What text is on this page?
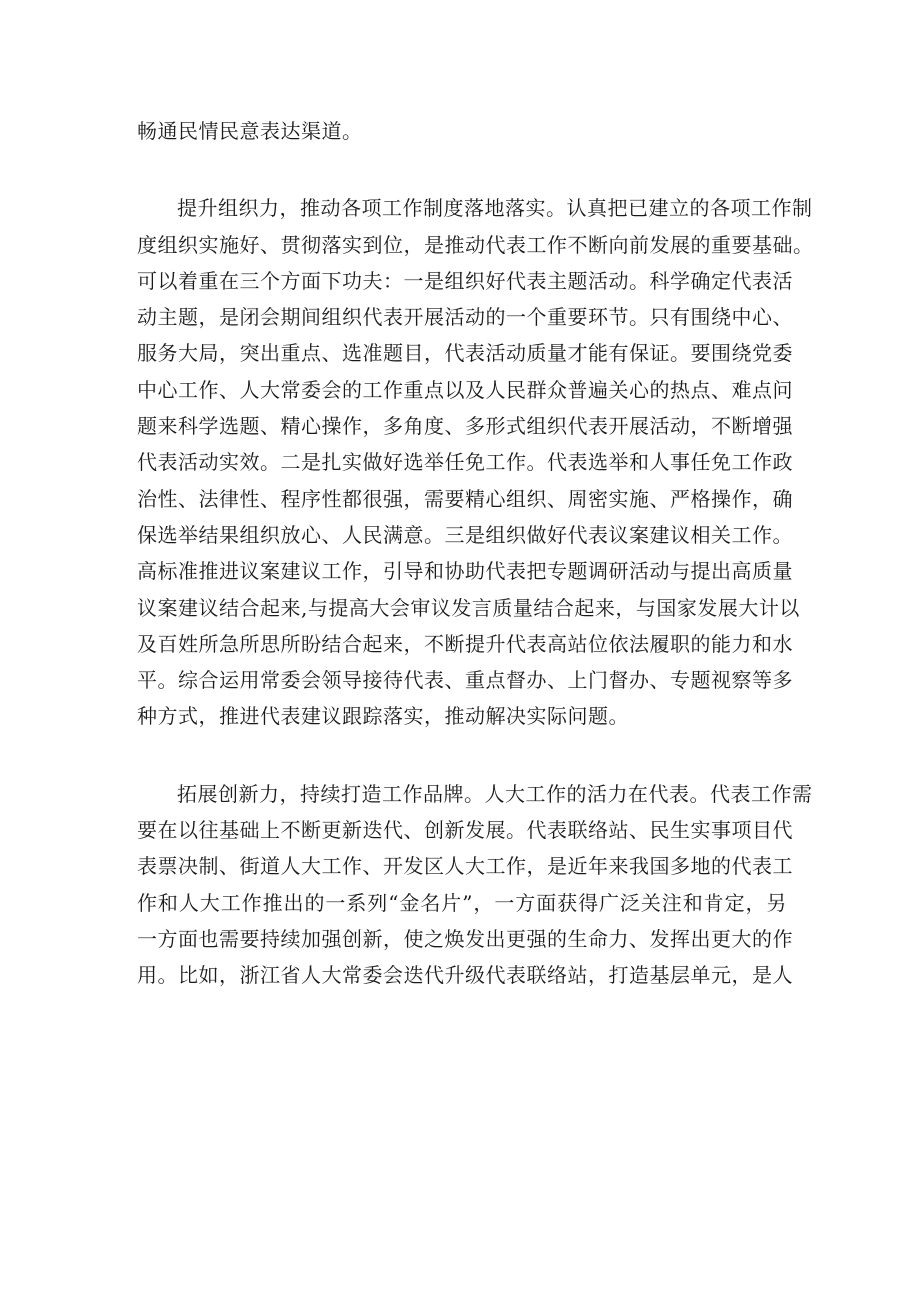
畅通民情民意表达渠道。
提升组织力，推动各项工作制度落地落实。认真把已建立的各项工作制
度组织实施好、贯彻落实到位，是推动代表工作不断向前发展的重要基础。
可以着重在三个方面下功夫：一是组织好代表主题活动。科学确定代表活
动主题，是闭会期间组织代表开展活动的一个重要环节。只有围绕中心、
服务大局，突出重点、选准题目，代表活动质量才能有保证。要围绕党委
中心工作、人大常委会的工作重点以及人民群众普遍关心的热点、难点问
题来科学选题、精心操作，多角度、多形式组织代表开展活动，不断增强
代表活动实效。二是扎实做好选举任免工作。代表选举和人事任免工作政
治性、法律性、程序性都很强，需要精心组织、周密实施、严格操作，确
保选举结果组织放心、人民满意。三是组织做好代表议案建议相关工作。
高标准推进议案建议工作，引导和协助代表把专题调研活动与提出高质量
议案建议结合起来,与提高大会审议发言质量结合起来，与国家发展大计以
及百姓所急所思所盼结合起来，不断提升代表高站位依法履职的能力和水
平。综合运用常委会领导接待代表、重点督办、上门督办、专题视察等多
种方式，推进代表建议跟踪落实，推动解决实际问题。
拓展创新力，持续打造工作品牌。人大工作的活力在代表。代表工作需
要在以往基础上不断更新迭代、创新发展。代表联络站、民生实事项目代
表票决制、街道人大工作、开发区人大工作，是近年来我国多地的代表工
作和人大工作推出的一系列“金名片”，一方面获得广泛关注和肯定，另
一方面也需要持续加强创新，使之焕发出更强的生命力、发挥出更大的作
用。比如，浙江省人大常委会迭代升级代表联络站，打造基层单元，是人
